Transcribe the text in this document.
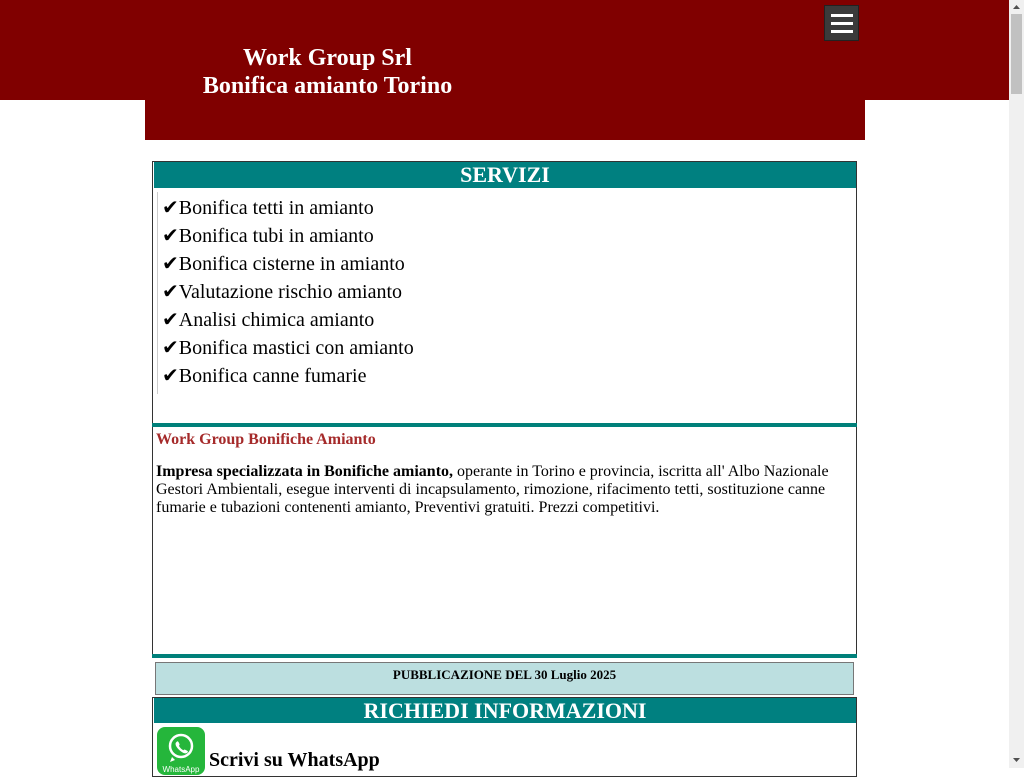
Work Group Srl
Bonifica amianto Torino
SERVIZI
✔Bonifica tetti in amianto
✔Bonifica tubi in amianto
✔Bonifica cisterne in amianto
✔Valutazione rischio amianto
✔Analisi chimica amianto
✔Bonifica mastici con amianto
✔Bonifica canne fumarie
Work Group Bonifiche Amianto
Impresa specializzata in Bonifiche amianto, operante in Torino e provincia, iscritta all' Albo Nazionale Gestori Ambientali, esegue interventi di incapsulamento, rimozione, rifacimento tetti, sostituzione canne fumarie e tubazioni contenenti amianto, Preventivi gratuiti. Prezzi competitivi.
PUBBLICAZIONE DEL 30 Luglio 2025
RICHIEDI INFORMAZIONI
WhatsApp Scrivi su WhatsApp
